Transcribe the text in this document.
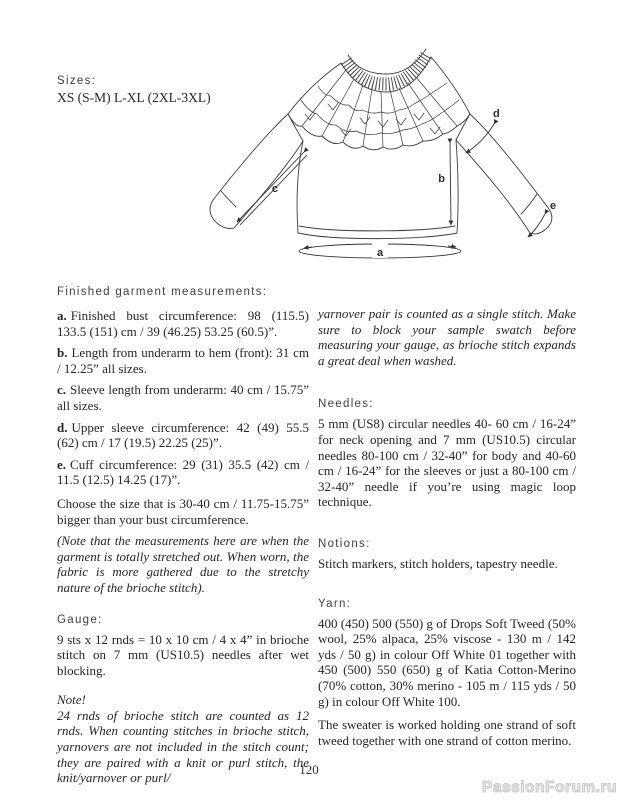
Sizes:
XS (S-M) L-XL (2XL-3XL)
a
b
c
d
e
Finished garment measurements:

a. Finished bust circumference: 98 (115.5) 133.5 (151) cm / 39 (46.25) 53.25 (60.5)”.

b. Length from underarm to hem (front): 31 cm / 12.25” all sizes.

c. Sleeve length from underarm: 40 cm / 15.75” all sizes.

d. Upper sleeve circumference: 42 (49) 55.5 (62) cm / 17 (19.5) 22.25 (25)”.

e. Cuff circumference: 29 (31) 35.5 (42) cm / 11.5 (12.5) 14.25 (17)”.

Choose the size that is 30-40 cm / 11.75-15.75” bigger than your bust circumference.

(Note that the measurements here are when the garment is totally stretched out. When worn, the fabric is more gathered due to the stretchy nature of the brioche stitch).

Gauge:

9 sts x 12 rnds = 10 x 10 cm / 4 x 4” in brioche stitch on 7 mm (US10.5) needles after wet blocking.

Note!

24 rnds of brioche stitch are counted as 12 rnds. When counting stitches in brioche stitch, yarnovers are not included in the stitch count; they are paired with a knit or purl stitch, the knit/yarnover or purl/

yarnover pair is counted as a single stitch. Make sure to block your sample swatch before measuring your gauge, as brioche stitch expands a great deal when washed.

Needles:

5 mm (US8) circular needles 40- 60 cm / 16-24” for neck opening and 7 mm (US10.5) circular needles 80-100 cm / 32-40” for body and 40-60 cm / 16-24” for the sleeves or just a 80-100 cm / 32-40” needle if you’re using magic loop technique.

Notions:

Stitch markers, stitch holders, tapestry needle.

Yarn:

400 (450) 500 (550) g of Drops Soft Tweed (50% wool, 25% alpaca, 25% viscose - 130 m / 142 yds / 50 g) in colour Off White 01 together with 450 (500) 550 (650) g of Katia Cotton-Merino (70% cotton, 30% merino - 105 m / 115 yds / 50 g) in colour Off White 100.

The sweater is worked holding one strand of soft tweed together with one strand of cotton merino.

120
PassionForum.ru
